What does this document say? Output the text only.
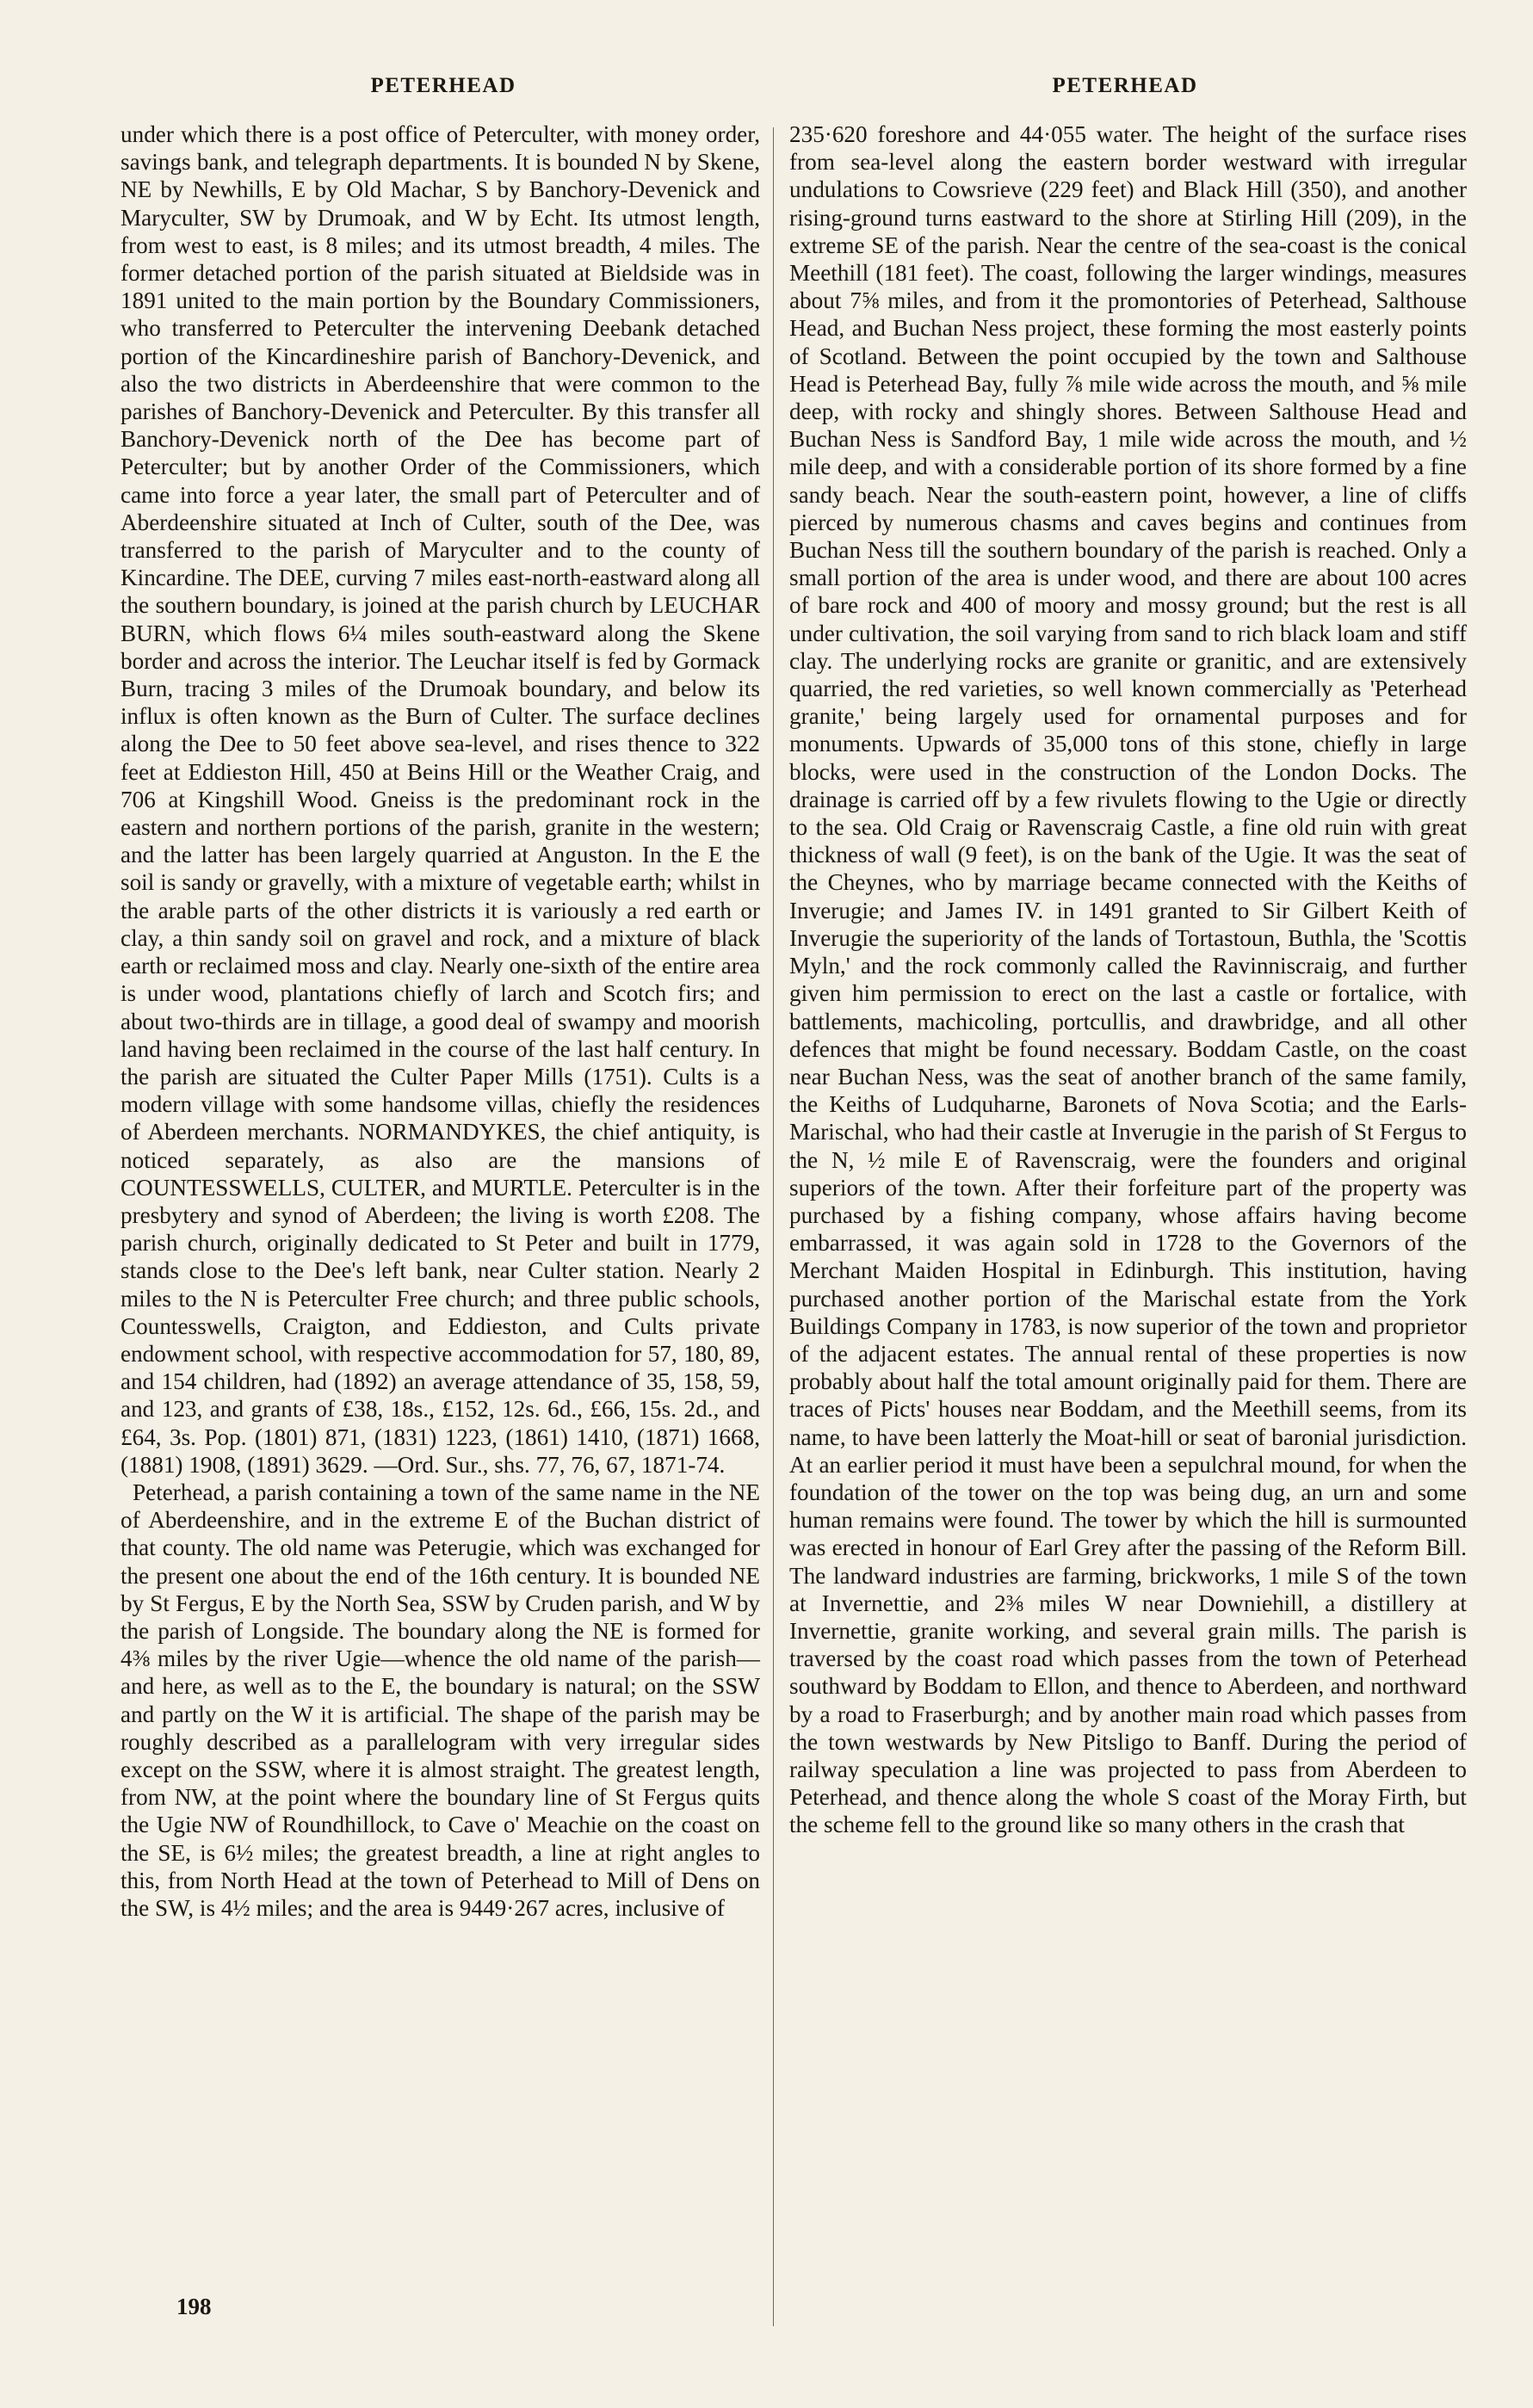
PETERHEAD	PETERHEAD

under which there is a post office of Peterculter, with money order, savings bank, and telegraph departments. It is bounded N by Skene, NE by Newhills, E by Old Machar, S by Banchory-Devenick and Maryculter, SW by Drumoak, and W by Echt. Its utmost length, from west to east, is 8 miles; and its utmost breadth, 4 miles. The former detached portion of the parish situated at Bieldside was in 1891 united to the main portion by the Boundary Commissioners, who transferred to Peterculter the intervening Deebank detached portion of the Kincardineshire parish of Banchory-Devenick, and also the two districts in Aberdeenshire that were common to the parishes of Banchory-Devenick and Peterculter. By this transfer all Banchory-Devenick north of the Dee has become part of Peterculter; but by another Order of the Commissioners, which came into force a year later, the small part of Peterculter and of Aberdeenshire situated at Inch of Culter, south of the Dee, was transferred to the parish of Maryculter and to the county of Kincardine. The DEE, curving 7 miles east-north-eastward along all the southern boundary, is joined at the parish church by LEUCHAR BURN, which flows 6¼ miles south-eastward along the Skene border and across the interior. The Leuchar itself is fed by Gormack Burn, tracing 3 miles of the Drumoak boundary, and below its influx is often known as the Burn of Culter. The surface declines along the Dee to 50 feet above sea-level, and rises thence to 322 feet at Eddieston Hill, 450 at Beins Hill or the Weather Craig, and 706 at Kingshill Wood. Gneiss is the predominant rock in the eastern and northern portions of the parish, granite in the western; and the latter has been largely quarried at Anguston. In the E the soil is sandy or gravelly, with a mixture of vegetable earth; whilst in the arable parts of the other districts it is variously a red earth or clay, a thin sandy soil on gravel and rock, and a mixture of black earth or reclaimed moss and clay. Nearly one-sixth of the entire area is under wood, plantations chiefly of larch and Scotch firs; and about two-thirds are in tillage, a good deal of swampy and moorish land having been reclaimed in the course of the last half century. In the parish are situated the Culter Paper Mills (1751). Cults is a modern village with some handsome villas, chiefly the residences of Aberdeen merchants. NORMANDYKES, the chief antiquity, is noticed separately, as also are the mansions of COUNTESSWELLS, CULTER, and MURTLE. Peterculter is in the presbytery and synod of Aberdeen; the living is worth £208. The parish church, originally dedicated to St Peter and built in 1779, stands close to the Dee's left bank, near Culter station. Nearly 2 miles to the N is Peterculter Free church; and three public schools, Countesswells, Craigton, and Eddieston, and Cults private endowment school, with respective accommodation for 57, 180, 89, and 154 children, had (1892) an average attendance of 35, 158, 59, and 123, and grants of £38, 18s., £152, 12s. 6d., £66, 15s. 2d., and £64, 3s. Pop. (1801) 871, (1831) 1223, (1861) 1410, (1871) 1668, (1881) 1908, (1891) 3629. —Ord. Sur., shs. 77, 76, 67, 1871-74.

Peterhead, a parish containing a town of the same name in the NE of Aberdeenshire, and in the extreme E of the Buchan district of that county. The old name was Peterugie, which was exchanged for the present one about the end of the 16th century. It is bounded NE by St Fergus, E by the North Sea, SSW by Cruden parish, and W by the parish of Longside. The boundary along the NE is formed for 4⅜ miles by the river Ugie—whence the old name of the parish—and here, as well as to the E, the boundary is natural; on the SSW and partly on the W it is artificial. The shape of the parish may be roughly described as a parallelogram with very irregular sides except on the SSW, where it is almost straight. The greatest length, from NW, at the point where the boundary line of St Fergus quits the Ugie NW of Roundhillock, to Cave o' Meachie on the coast on the SE, is 6½ miles; the greatest breadth, a line at right angles to this, from North Head at the town of Peterhead to Mill of Dens on the SW, is 4½ miles; and the area is 9449·267 acres, inclusive of

235·620 foreshore and 44·055 water. The height of the surface rises from sea-level along the eastern border westward with irregular undulations to Cowsrieve (229 feet) and Black Hill (350), and another rising-ground turns eastward to the shore at Stirling Hill (209), in the extreme SE of the parish. Near the centre of the sea-coast is the conical Meethill (181 feet). The coast, following the larger windings, measures about 7⅝ miles, and from it the promontories of Peterhead, Salthouse Head, and Buchan Ness project, these forming the most easterly points of Scotland. Between the point occupied by the town and Salthouse Head is Peterhead Bay, fully ⅞ mile wide across the mouth, and ⅝ mile deep, with rocky and shingly shores. Between Salthouse Head and Buchan Ness is Sandford Bay, 1 mile wide across the mouth, and ½ mile deep, and with a considerable portion of its shore formed by a fine sandy beach. Near the south-eastern point, however, a line of cliffs pierced by numerous chasms and caves begins and continues from Buchan Ness till the southern boundary of the parish is reached. Only a small portion of the area is under wood, and there are about 100 acres of bare rock and 400 of moory and mossy ground; but the rest is all under cultivation, the soil varying from sand to rich black loam and stiff clay. The underlying rocks are granite or granitic, and are extensively quarried, the red varieties, so well known commercially as 'Peterhead granite,' being largely used for ornamental purposes and for monuments. Upwards of 35,000 tons of this stone, chiefly in large blocks, were used in the construction of the London Docks. The drainage is carried off by a few rivulets flowing to the Ugie or directly to the sea. Old Craig or Ravenscraig Castle, a fine old ruin with great thickness of wall (9 feet), is on the bank of the Ugie. It was the seat of the Cheynes, who by marriage became connected with the Keiths of Inverugie; and James IV. in 1491 granted to Sir Gilbert Keith of Inverugie the superiority of the lands of Tortastoun, Buthla, the 'Scottis Myln,' and the rock commonly called the Ravinniscraig, and further given him permission to erect on the last a castle or fortalice, with battlements, machicoling, portcullis, and drawbridge, and all other defences that might be found necessary. Boddam Castle, on the coast near Buchan Ness, was the seat of another branch of the same family, the Keiths of Ludquharne, Baronets of Nova Scotia; and the Earls-Marischal, who had their castle at Inverugie in the parish of St Fergus to the N, ½ mile E of Ravenscraig, were the founders and original superiors of the town. After their forfeiture part of the property was purchased by a fishing company, whose affairs having become embarrassed, it was again sold in 1728 to the Governors of the Merchant Maiden Hospital in Edinburgh. This institution, having purchased another portion of the Marischal estate from the York Buildings Company in 1783, is now superior of the town and proprietor of the adjacent estates. The annual rental of these properties is now probably about half the total amount originally paid for them. There are traces of Picts' houses near Boddam, and the Meethill seems, from its name, to have been latterly the Moat-hill or seat of baronial jurisdiction. At an earlier period it must have been a sepulchral mound, for when the foundation of the tower on the top was being dug, an urn and some human remains were found. The tower by which the hill is surmounted was erected in honour of Earl Grey after the passing of the Reform Bill. The landward industries are farming, brickworks, 1 mile S of the town at Invernettie, and 2⅜ miles W near Downiehill, a distillery at Invernettie, granite working, and several grain mills. The parish is traversed by the coast road which passes from the town of Peterhead southward by Boddam to Ellon, and thence to Aberdeen, and northward by a road to Fraserburgh; and by another main road which passes from the town westwards by New Pitsligo to Banff. During the period of railway speculation a line was projected to pass from Aberdeen to Peterhead, and thence along the whole S coast of the Moray Firth, but the scheme fell to the ground like so many others in the crash that

198
